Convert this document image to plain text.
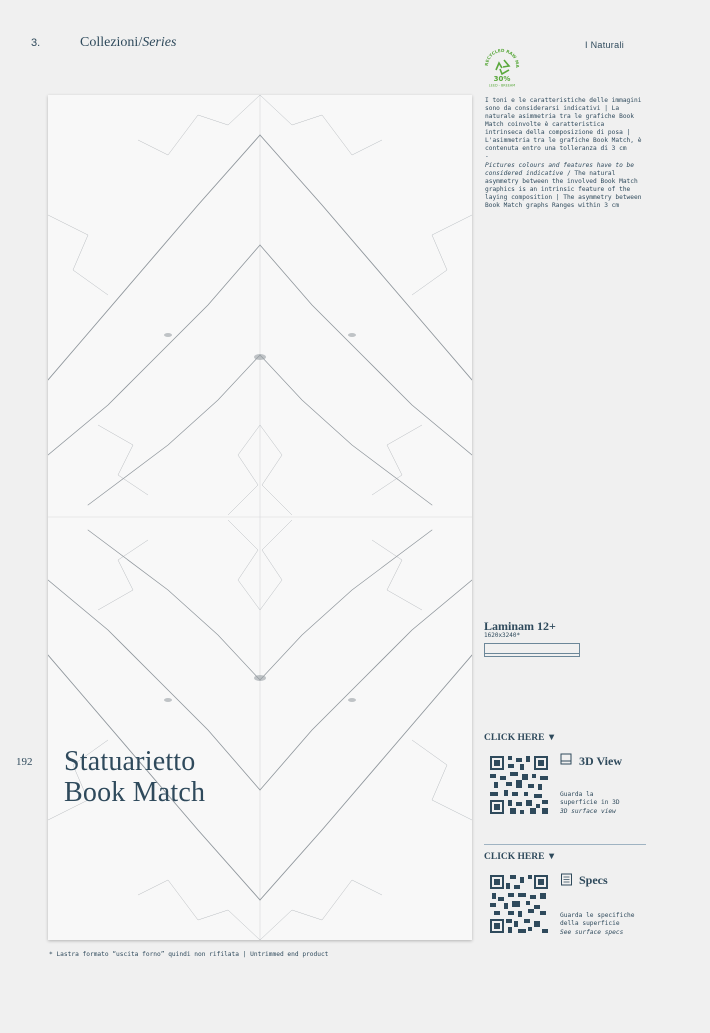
3.	Collezioni/Series	I Naturali
RECYCLED RAW MA
30%
LEED - BREEAM
I toni e le caratteristiche delle immagini sono da considerarsi indicativi | La naturale asimmetria tra le grafiche Book Match coinvolte è caratteristica intrinseca della composizione di posa | L'asimmetria tra le grafiche Book Match, è contenuta entro una tolleranza di 3 cm
-
Pictures colours and features have to be considered indicative / The natural asymmetry between the involved Book Match graphics is an intrinsic feature of the laying composition | The asymmetry between Book Match graphs Ranges within 3 cm
192 Statuarietto
Book Match
Laminam 12+
1620x3240*
CLICK HERE ▼
3D View
Guarda la
superficie in 3D
3D surface view
CLICK HERE ▼
Specs
Guarda le specifiche
della superficie
See surface specs
* Lastra formato “uscita forno” quindi non rifilata | Untrimmed end product
